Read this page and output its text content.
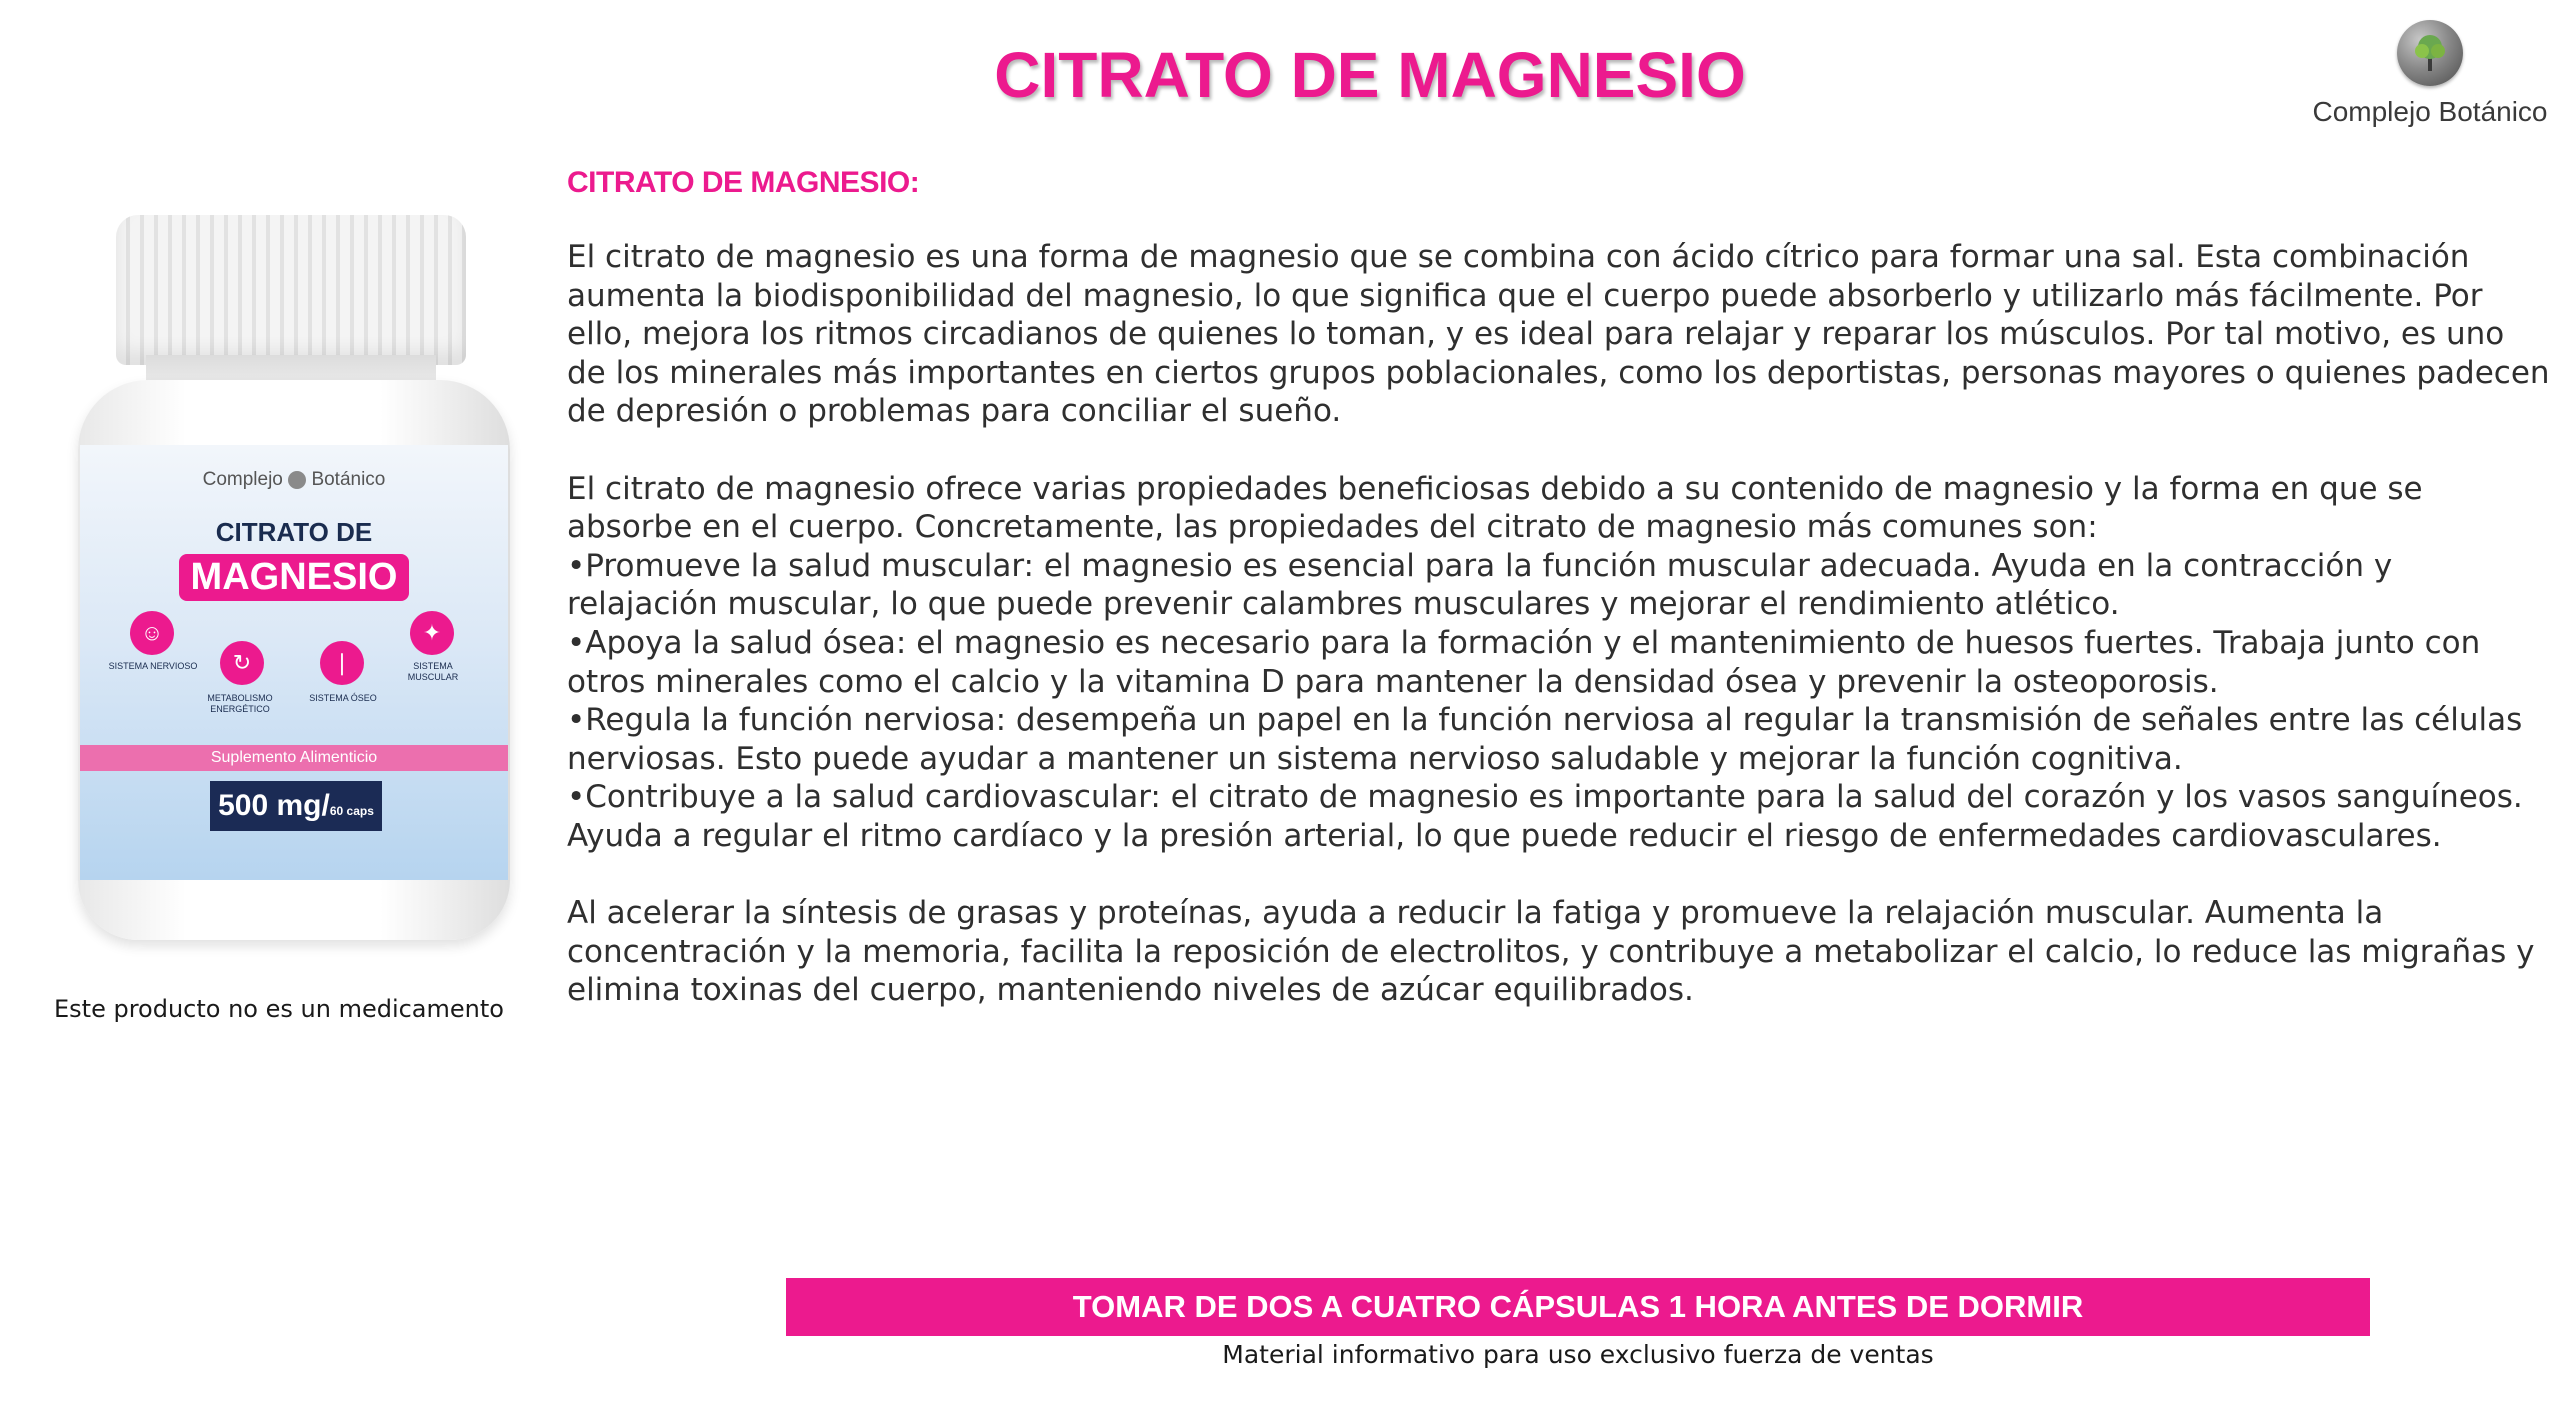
CITRATO DE MAGNESIO
Complejo Botánico
CITRATO DE MAGNESIO:

El citrato de magnesio es una forma de magnesio que se combina con ácido cítrico para formar una sal. Esta combinación aumenta la biodisponibilidad del magnesio, lo que significa que el cuerpo puede absorberlo y utilizarlo más fácilmente. Por ello, mejora los ritmos circadianos de quienes lo toman, y es ideal para relajar y reparar los músculos. Por tal motivo, es uno de los minerales más importantes en ciertos grupos poblacionales, como los deportistas, personas mayores o quienes padecen de depresión o problemas para conciliar el sueño.

El citrato de magnesio ofrece varias propiedades beneficiosas debido a su contenido de magnesio y la forma en que se absorbe en el cuerpo. Concretamente, las propiedades del citrato de magnesio más comunes son:
•Promueve la salud muscular: el magnesio es esencial para la función muscular adecuada. Ayuda en la contracción y relajación muscular, lo que puede prevenir calambres musculares y mejorar el rendimiento atlético.
•Apoya la salud ósea: el magnesio es necesario para la formación y el mantenimiento de huesos fuertes. Trabaja junto con otros minerales como el calcio y la vitamina D para mantener la densidad ósea y prevenir la osteoporosis.
•Regula la función nerviosa: desempeña un papel en la función nerviosa al regular la transmisión de señales entre las células nerviosas. Esto puede ayudar a mantener un sistema nervioso saludable y mejorar la función cognitiva.
•Contribuye a la salud cardiovascular: el citrato de magnesio es importante para la salud del corazón y los vasos sanguíneos. Ayuda a regular el ritmo cardíaco y la presión arterial, lo que puede reducir el riesgo de enfermedades cardiovasculares.

Al acelerar la síntesis de grasas y proteínas, ayuda a reducir la fatiga y promueve la relajación muscular. Aumenta la concentración y la memoria, facilita la reposición de electrolitos, y contribuye a metabolizar el calcio, lo reduce las migrañas y elimina toxinas del cuerpo, manteniendo niveles de azúcar equilibrados.

Complejo Botánico
CITRATO DE
MAGNESIO
☺
SISTEMA NERVIOSO	↻
METABOLISMO ENERGÉTICO
❘
SISTEMA ÓSEO
✦
SISTEMA MUSCULAR
Suplemento Alimenticio
500 mg/60 caps
Este producto no es un medicamento
TOMAR DE DOS A CUATRO CÁPSULAS 1 HORA ANTES DE DORMIR
Material informativo para uso exclusivo fuerza de ventas
